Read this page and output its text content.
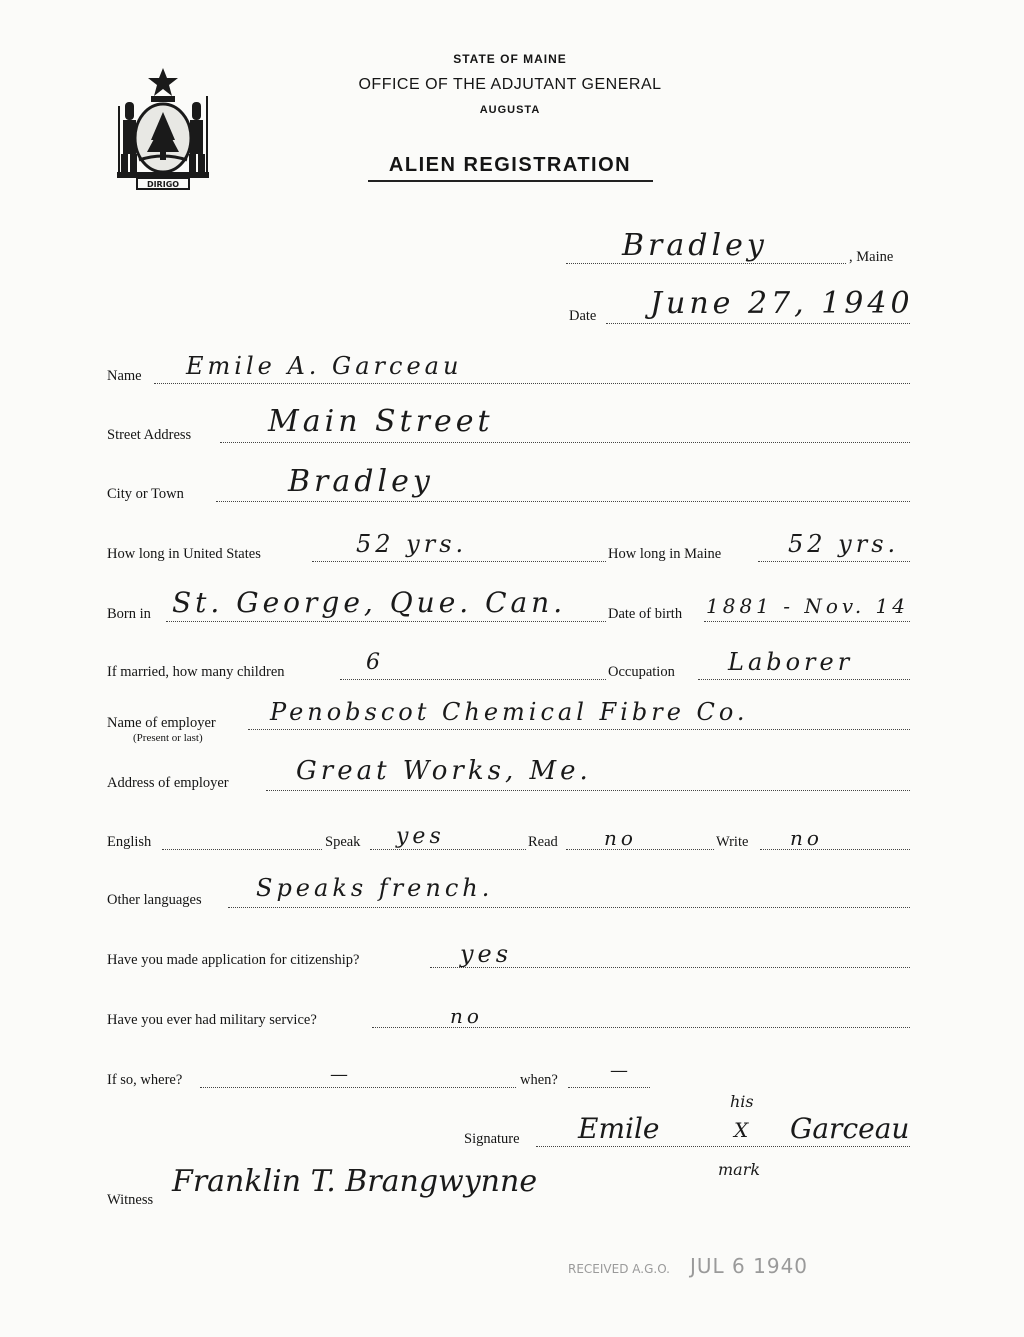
STATE OF MAINE
OFFICE OF THE ADJUTANT GENERAL
AUGUSTA
ALIEN REGISTRATION
DIRIGO
Bradley	, Maine
Date June 27, 1940
Name Emile A. Garceau
Street Address	Main Street
City or Town	Bradley
How long in United States	52 yrs.	How long in Maine	52 yrs.
Born in St. George, Que. Can.	Date of birth 1881 - Nov. 14
If married, how many children	6	Occupation Laborer
Name of employer
(Present or last)
Penobscot Chemical Fibre Co.
Address of employer	Great Works, Me.
English	Speak yes	Read no	Write no
Other languages Speaks french.
Have you made application for citizenship?	yes
Have you ever had military service?	no
If so, where?	—	when?	—
Signature
his
Emile	X Garceau
mark
Witness
Franklin T. Brangwynne
RECEIVED A.G.O. JUL 6 1940
